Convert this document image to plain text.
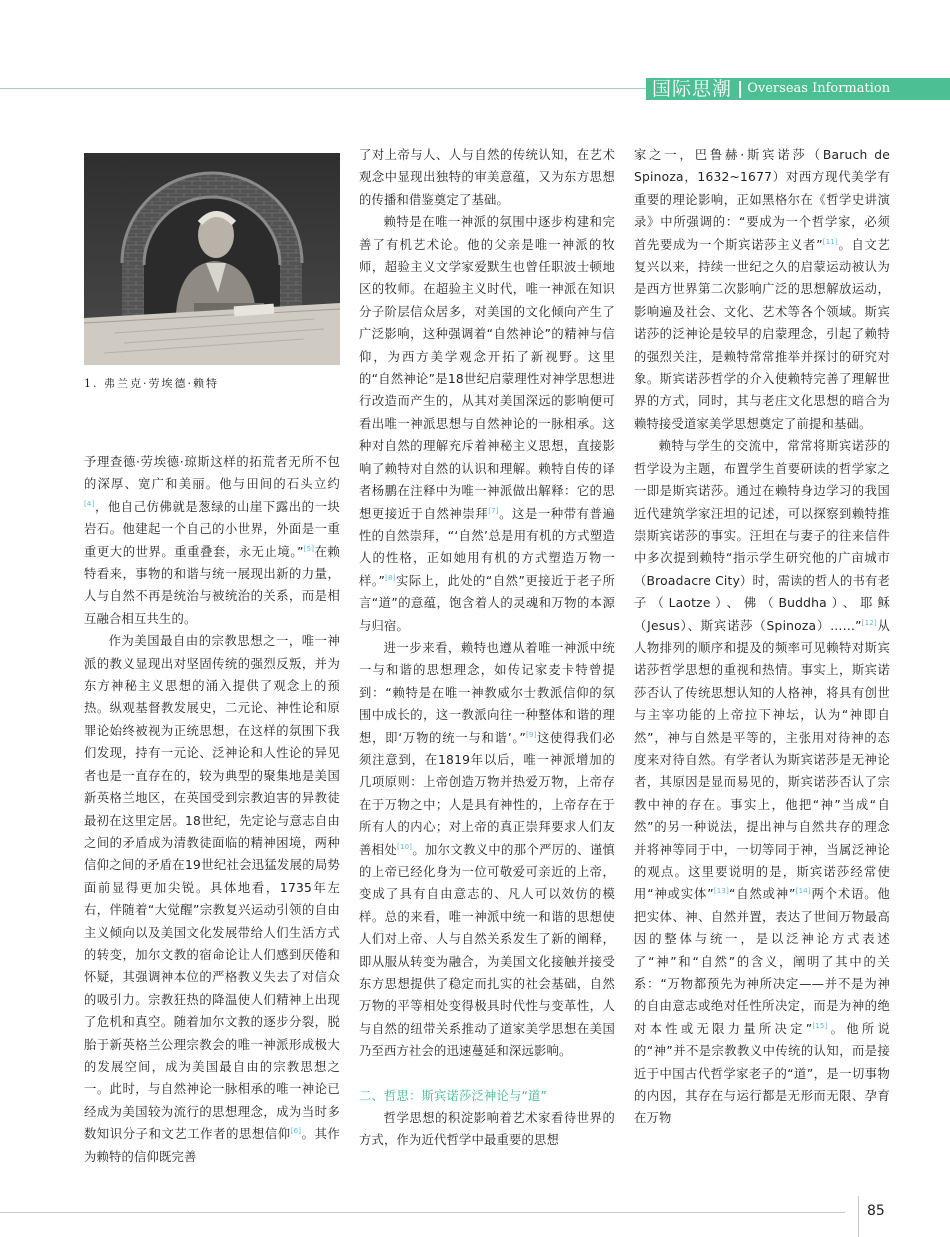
国际思潮 | Overseas Information
1. 弗兰克·劳埃德·赖特

予理查德·劳埃德·琼斯这样的拓荒者无所不包的深厚、宽广和美丽。他与田间的石头立约[4]，他自己仿佛就是葱绿的山崖下露出的一块岩石。他建起一个自己的小世界，外面是一重重更大的世界。重重叠套，永无止境。”[5]在赖特看来，事物的和谐与统一展现出新的力量，人与自然不再是统治与被统治的关系，而是相互融合相互共生的。

作为美国最自由的宗教思想之一，唯一神派的教义显现出对坚固传统的强烈反叛，并为东方神秘主义思想的涌入提供了观念上的预热。纵观基督教发展史，二元论、神性论和原罪论始终被视为正统思想，在这样的氛围下我们发现，持有一元论、泛神论和人性论的异见者也是一直存在的，较为典型的聚集地是美国新英格兰地区，在英国受到宗教迫害的异教徒最初在这里定居。18世纪，先定论与意志自由之间的矛盾成为清教徒面临的精神困境，两种信仰之间的矛盾在19世纪社会迅猛发展的局势面前显得更加尖锐。具体地看，1735年左右，伴随着“大觉醒”宗教复兴运动引领的自由主义倾向以及美国文化发展带给人们生活方式的转变，加尔文教的宿命论让人们感到厌倦和怀疑，其强调神本位的严格教义失去了对信众的吸引力。宗教狂热的降温使人们精神上出现了危机和真空。随着加尔文教的逐步分裂，脱胎于新英格兰公理宗教会的唯一神派形成极大的发展空间，成为美国最自由的宗教思想之一。此时，与自然神论一脉相承的唯一神论已经成为美国较为流行的思想理念，成为当时多数知识分子和文艺工作者的思想信仰[6]。其作为赖特的信仰既完善

了对上帝与人、人与自然的传统认知，在艺术观念中显现出独特的审美意蕴，又为东方思想的传播和借鉴奠定了基础。

赖特是在唯一神派的氛围中逐步构建和完善了有机艺术论。他的父亲是唯一神派的牧师，超验主义文学家爱默生也曾任职波士顿地区的牧师。在超验主义时代，唯一神派在知识分子阶层信众居多，对美国的文化倾向产生了广泛影响，这种强调着“自然神论”的精神与信仰，为西方美学观念开拓了新视野。这里的“自然神论”是18世纪启蒙理性对神学思想进行改造而产生的，从其对美国深远的影响便可看出唯一神派思想与自然神论的一脉相承。这种对自然的理解充斥着神秘主义思想，直接影响了赖特对自然的认识和理解。赖特自传的译者杨鹏在注释中为唯一神派做出解释：它的思想更接近于自然神崇拜[7]。这是一种带有普遍性的自然崇拜，“‘自然’总是用有机的方式塑造人的性格，正如她用有机的方式塑造万物一样。”[8]实际上，此处的“自然”更接近于老子所言“道”的意蕴，饱含着人的灵魂和万物的本源与归宿。

进一步来看，赖特也遵从着唯一神派中统一与和谐的思想理念，如传记家麦卡特曾提到：“赖特是在唯一神教威尔士教派信仰的氛围中成长的，这一教派向往一种整体和谐的理想，即‘万物的统一与和谐’。”[9]这使得我们必须注意到，在1819年以后，唯一神派增加的几项原则：上帝创造万物并热爱万物，上帝存在于万物之中；人是具有神性的，上帝存在于所有人的内心；对上帝的真正崇拜要求人们友善相处[10]。加尔文教义中的那个严厉的、谨慎的上帝已经化身为一位可敬爱可亲近的上帝，变成了具有自由意志的、凡人可以效仿的模样。总的来看，唯一神派中统一和谐的思想使人们对上帝、人与自然关系发生了新的阐释，即从服从转变为融合，为美国文化接触并接受东方思想提供了稳定而扎实的社会基础，自然万物的平等相处变得极具时代性与变革性，人与自然的纽带关系推动了道家美学思想在美国乃至西方社会的迅速蔓延和深远影响。

二、哲思：斯宾诺莎泛神论与“道”

哲学思想的积淀影响着艺术家看待世界的方式，作为近代哲学中最重要的思想

家之一，巴鲁赫·斯宾诺莎（Baruch de Spinoza，1632~1677）对西方现代美学有重要的理论影响，正如黑格尔在《哲学史讲演录》中所强调的：“要成为一个哲学家，必须首先要成为一个斯宾诺莎主义者”[11]。自文艺复兴以来，持续一世纪之久的启蒙运动被认为是西方世界第二次影响广泛的思想解放运动，影响遍及社会、文化、艺术等各个领域。斯宾诺莎的泛神论是较早的启蒙理念，引起了赖特的强烈关注，是赖特常常推举并探讨的研究对象。斯宾诺莎哲学的介入使赖特完善了理解世界的方式，同时，其与老庄文化思想的暗合为赖特接受道家美学思想奠定了前提和基础。

赖特与学生的交流中，常常将斯宾诺莎的哲学设为主题，布置学生首要研读的哲学家之一即是斯宾诺莎。通过在赖特身边学习的我国近代建筑学家汪坦的记述，可以探察到赖特推崇斯宾诺莎的事实。汪坦在与妻子的往来信件中多次提到赖特“指示学生研究他的广亩城市（Broadacre City）时，需读的哲人的书有老子（Laotze）、佛（Buddha）、耶稣（Jesus）、斯宾诺莎（Spinoza）……”[12]从人物排列的顺序和提及的频率可见赖特对斯宾诺莎哲学思想的重视和热情。事实上，斯宾诺莎否认了传统思想认知的人格神，将具有创世与主宰功能的上帝拉下神坛，认为“神即自然”，神与自然是平等的，主张用对待神的态度来对待自然。有学者认为斯宾诺莎是无神论者，其原因是显而易见的，斯宾诺莎否认了宗教中神的存在。事实上，他把“神”当成“自然”的另一种说法，提出神与自然共存的理念并将神等同于中，一切等同于神，当属泛神论的观点。这里要说明的是，斯宾诺莎经常使用“神或实体”[13]“自然或神”[14]两个术语。他把实体、神、自然并置，表达了世间万物最高因的整体与统一，是以泛神论方式表述了“神”和“自然”的含义，阐明了其中的关系：“万物都预先为神所决定——并不是为神的自由意志或绝对任性所决定，而是为神的绝对本性或无限力量所决定”[15]。他所说的“神”并不是宗教教义中传统的认知，而是接近于中国古代哲学家老子的“道”，是一切事物的内因，其存在与运行都是无形而无限、孕育在万物

85
